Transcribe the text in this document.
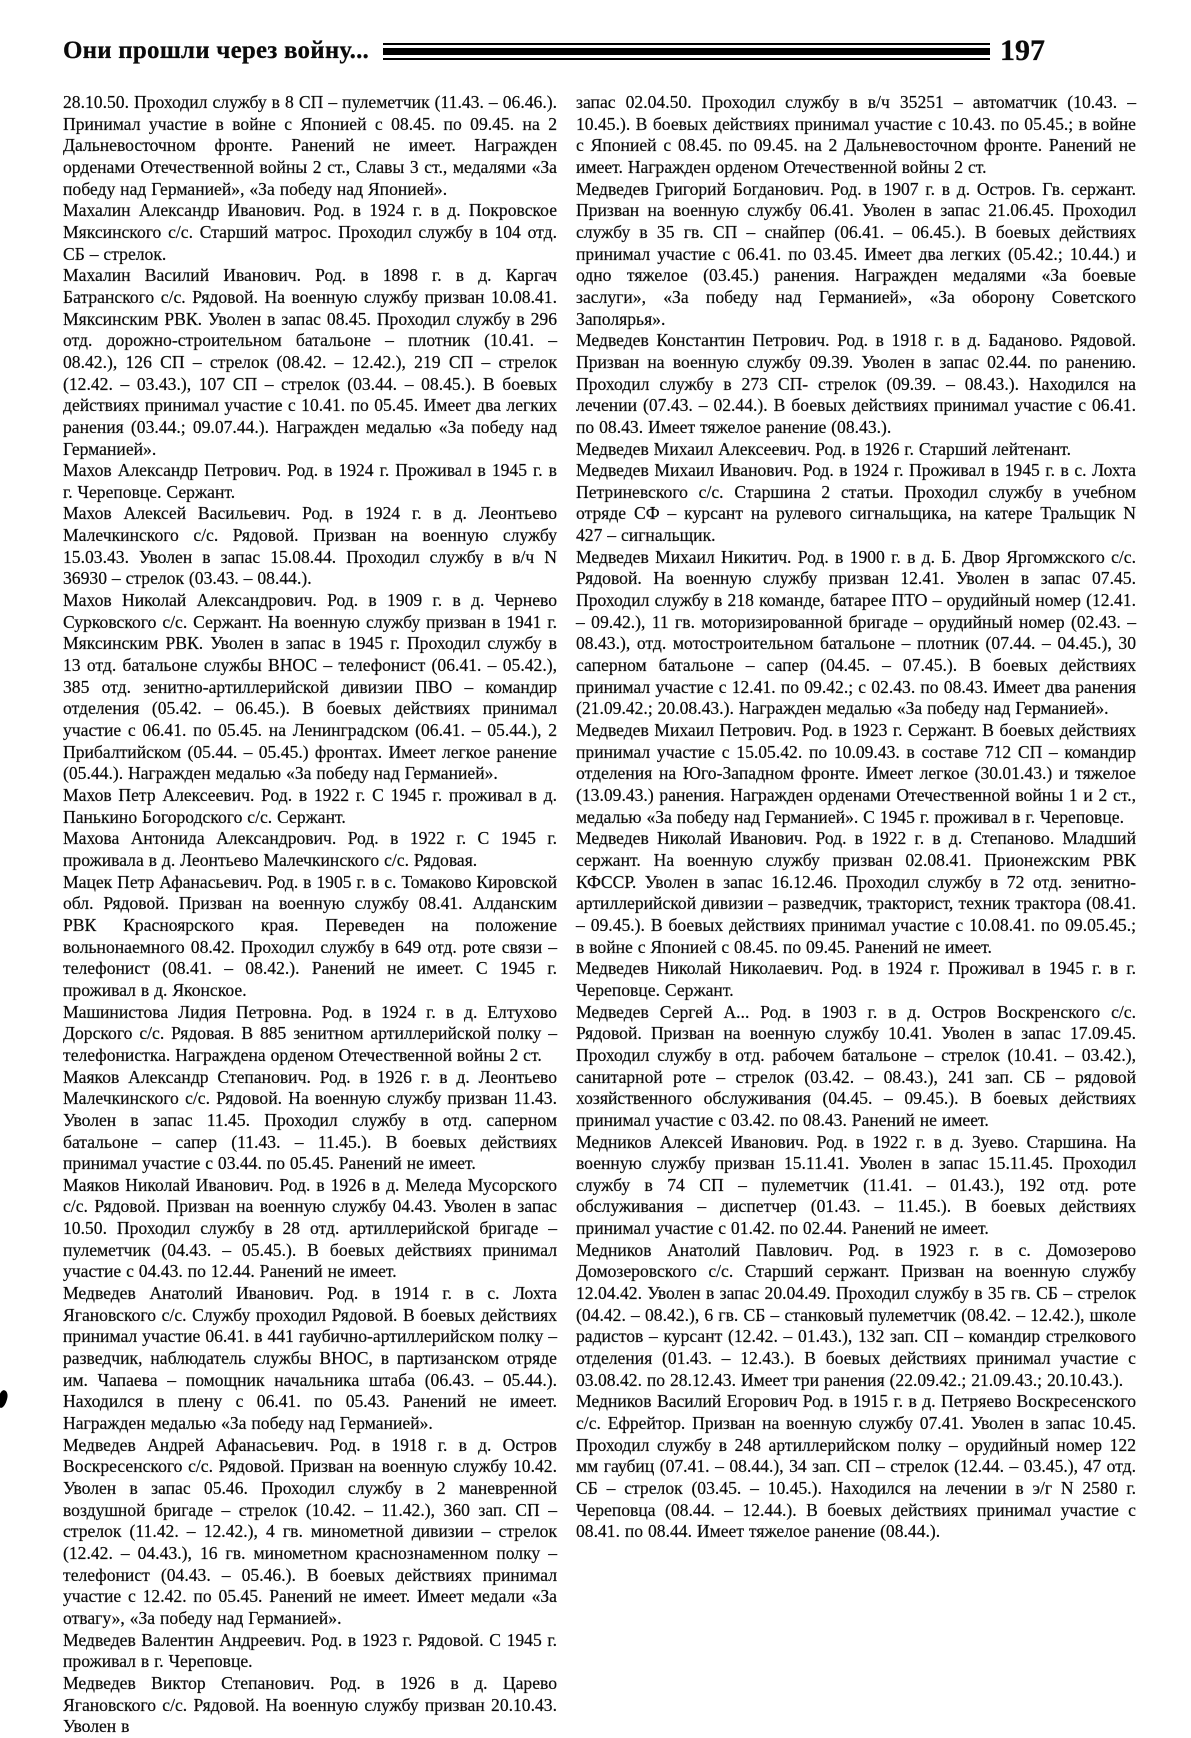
Они прошли через войну...	197

28.10.50. Проходил службу в 8 СП – пулеметчик (11.43. – 06.46.). Принимал участие в войне с Японией с 08.45. по 09.45. на 2 Дальневосточном фронте. Ранений не имеет. Награжден орденами Отечественной войны 2 ст., Славы 3 ст., медалями «За победу над Германией», «За победу над Японией».

Махалин Александр Иванович. Род. в 1924 г. в д. Покровское Мяксинского с/с. Старший матрос. Проходил службу в 104 отд. СБ – стрелок.

Махалин Василий Иванович. Род. в 1898 г. в д. Каргач Батранского с/с. Рядовой. На военную службу призван 10.08.41. Мяксинским РВК. Уволен в запас 08.45. Проходил службу в 296 отд. дорожно-строительном батальоне – плотник (10.41. – 08.42.), 126 СП – стрелок (08.42. – 12.42.), 219 СП – стрелок (12.42. – 03.43.), 107 СП – стрелок (03.44. – 08.45.). В боевых действиях принимал участие с 10.41. по 05.45. Имеет два легких ранения (03.44.; 09.07.44.). Награжден медалью «За победу над Германией».

Махов Александр Петрович. Род. в 1924 г. Проживал в 1945 г. в г. Череповце. Сержант.

Махов Алексей Васильевич. Род. в 1924 г. в д. Леонтьево Малечкинского с/с. Рядовой. Призван на военную службу 15.03.43. Уволен в запас 15.08.44. Проходил службу в в/ч N 36930 – стрелок (03.43. – 08.44.).

Махов Николай Александрович. Род. в 1909 г. в д. Чернево Сурковского с/с. Сержант. На военную службу призван в 1941 г. Мяксинским РВК. Уволен в запас в 1945 г. Проходил службу в 13 отд. батальоне службы ВНОС – телефонист (06.41. – 05.42.), 385 отд. зенитно-артиллерийской дивизии ПВО – командир отделения (05.42. – 06.45.). В боевых действиях принимал участие с 06.41. по 05.45. на Ленинградском (06.41. – 05.44.), 2 Прибалтийском (05.44. – 05.45.) фронтах. Имеет легкое ранение (05.44.). Награжден медалью «За победу над Германией».

Махов Петр Алексеевич. Род. в 1922 г. С 1945 г. проживал в д. Панькино Богородского с/с. Сержант.

Махова Антонида Александрович. Род. в 1922 г. С 1945 г. проживала в д. Леонтьево Малечкинского с/с. Рядовая.

Мацек Петр Афанасьевич. Род. в 1905 г. в с. Томаково Кировской обл. Рядовой. Призван на военную службу 08.41. Алданским РВК Красноярского края. Переведен на положение вольнонаемного 08.42. Проходил службу в 649 отд. роте связи – телефонист (08.41. – 08.42.). Ранений не имеет. С 1945 г. проживал в д. Яконское.

Машинистова Лидия Петровна. Род. в 1924 г. в д. Елтухово Дорского с/с. Рядовая. В 885 зенитном артиллерийской полку – телефонистка. Награждена орденом Отечественной войны 2 ст.

Маяков Александр Степанович. Род. в 1926 г. в д. Леонтьево Малечкинского с/с. Рядовой. На военную службу призван 11.43. Уволен в запас 11.45. Проходил службу в отд. саперном батальоне – сапер (11.43. – 11.45.). В боевых действиях принимал участие с 03.44. по 05.45. Ранений не имеет.

Маяков Николай Иванович. Род. в 1926 в д. Меледа Мусорского с/с. Рядовой. Призван на военную службу 04.43. Уволен в запас 10.50. Проходил службу в 28 отд. артиллерийской бригаде – пулеметчик (04.43. – 05.45.). В боевых действиях принимал участие с 04.43. по 12.44. Ранений не имеет.

Медведев Анатолий Иванович. Род. в 1914 г. в с. Лохта Ягановского с/с. Службу проходил Рядовой. В боевых действиях принимал участие 06.41. в 441 гаубично-артиллерийском полку – разведчик, наблюдатель службы ВНОС, в партизанском отряде им. Чапаева – помощник начальника штаба (06.43. – 05.44.). Находился в плену с 06.41. по 05.43. Ранений не имеет. Награжден медалью «За победу над Германией».

Медведев Андрей Афанасьевич. Род. в 1918 г. в д. Остров Воскресенского с/с. Рядовой. Призван на военную службу 10.42. Уволен в запас 05.46. Проходил службу в 2 маневренной воздушной бригаде – стрелок (10.42. – 11.42.), 360 зап. СП – стрелок (11.42. – 12.42.), 4 гв. минометной дивизии – стрелок (12.42. – 04.43.), 16 гв. минометном краснознаменном полку – телефонист (04.43. – 05.46.). В боевых действиях принимал участие с 12.42. по 05.45. Ранений не имеет. Имеет медали «За отвагу», «За победу над Германией».

Медведев Валентин Андреевич. Род. в 1923 г. Рядовой. С 1945 г. проживал в г. Череповце.

Медведев Виктор Степанович. Род. в 1926 в д. Царево Ягановского с/с. Рядовой. На военную службу призван 20.10.43. Уволен в

запас 02.04.50. Проходил службу в в/ч 35251 – автоматчик (10.43. – 10.45.). В боевых действиях принимал участие с 10.43. по 05.45.; в войне с Японией с 08.45. по 09.45. на 2 Дальневосточном фронте. Ранений не имеет. Награжден орденом Отечественной войны 2 ст.

Медведев Григорий Богданович. Род. в 1907 г. в д. Остров. Гв. сержант. Призван на военную службу 06.41. Уволен в запас 21.06.45. Проходил службу в 35 гв. СП – снайпер (06.41. – 06.45.). В боевых действиях принимал участие с 06.41. по 03.45. Имеет два легких (05.42.; 10.44.) и одно тяжелое (03.45.) ранения. Награжден медалями «За боевые заслуги», «За победу над Германией», «За оборону Советского Заполярья».

Медведев Константин Петрович. Род. в 1918 г. в д. Баданово. Рядовой. Призван на военную службу 09.39. Уволен в запас 02.44. по ранению. Проходил службу в 273 СП- стрелок (09.39. – 08.43.). Находился на лечении (07.43. – 02.44.). В боевых действиях принимал участие с 06.41. по 08.43. Имеет тяжелое ранение (08.43.).

Медведев Михаил Алексеевич. Род. в 1926 г. Старший лейтенант.

Медведев Михаил Иванович. Род. в 1924 г. Проживал в 1945 г. в с. Лохта Петриневского с/с. Старшина 2 статьи. Проходил службу в учебном отряде СФ – курсант на рулевого сигнальщика, на катере Тральщик N 427 – сигнальщик.

Медведев Михаил Никитич. Род. в 1900 г. в д. Б. Двор Яргомжского с/с. Рядовой. На военную службу призван 12.41. Уволен в запас 07.45. Проходил службу в 218 команде, батарее ПТО – орудийный номер (12.41. – 09.42.), 11 гв. моторизированной бригаде – орудийный номер (02.43. – 08.43.), отд. мотостроительном батальоне – плотник (07.44. – 04.45.), 30 саперном батальоне – сапер (04.45. – 07.45.). В боевых действиях принимал участие с 12.41. по 09.42.; с 02.43. по 08.43. Имеет два ранения (21.09.42.; 20.08.43.). Награжден медалью «За победу над Германией».

Медведев Михаил Петрович. Род. в 1923 г. Сержант. В боевых действиях принимал участие с 15.05.42. по 10.09.43. в составе 712 СП – командир отделения на Юго-Западном фронте. Имеет легкое (30.01.43.) и тяжелое (13.09.43.) ранения. Награжден орденами Отечественной войны 1 и 2 ст., медалью «За победу над Германией». С 1945 г. проживал в г. Череповце.

Медведев Николай Иванович. Род. в 1922 г. в д. Степаново. Младший сержант. На военную службу призван 02.08.41. Прионежским РВК КФССР. Уволен в запас 16.12.46. Проходил службу в 72 отд. зенитно-артиллерийской дивизии – разведчик, тракторист, техник трактора (08.41. – 09.45.). В боевых действиях принимал участие с 10.08.41. по 09.05.45.; в войне с Японией с 08.45. по 09.45. Ранений не имеет.

Медведев Николай Николаевич. Род. в 1924 г. Проживал в 1945 г. в г. Череповце. Сержант.

Медведев Сергей А... Род. в 1903 г. в д. Остров Воскренского с/с. Рядовой. Призван на военную службу 10.41. Уволен в запас 17.09.45. Проходил службу в отд. рабочем батальоне – стрелок (10.41. – 03.42.), санитарной роте – стрелок (03.42. – 08.43.), 241 зап. СБ – рядовой хозяйственного обслуживания (04.45. – 09.45.). В боевых действиях принимал участие с 03.42. по 08.43. Ранений не имеет.

Медников Алексей Иванович. Род. в 1922 г. в д. Зуево. Старшина. На военную службу призван 15.11.41. Уволен в запас 15.11.45. Проходил службу в 74 СП – пулеметчик (11.41. – 01.43.), 192 отд. роте обслуживания – диспетчер (01.43. – 11.45.). В боевых действиях принимал участие с 01.42. по 02.44. Ранений не имеет.

Медников Анатолий Павлович. Род. в 1923 г. в с. Домозерово Домозеровского с/с. Старший сержант. Призван на военную службу 12.04.42. Уволен в запас 20.04.49. Проходил службу в 35 гв. СБ – стрелок (04.42. – 08.42.), 6 гв. СБ – станковый пулеметчик (08.42. – 12.42.), школе радистов – курсант (12.42. – 01.43.), 132 зап. СП – командир стрелкового отделения (01.43. – 12.43.). В боевых действиях принимал участие с 03.08.42. по 28.12.43. Имеет три ранения (22.09.42.; 21.09.43.; 20.10.43.).

Медников Василий Егорович Род. в 1915 г. в д. Петряево Воскресенского с/с. Ефрейтор. Призван на военную службу 07.41. Уволен в запас 10.45. Проходил службу в 248 артиллерийском полку – орудийный номер 122 мм гаубиц (07.41. – 08.44.), 34 зап. СП – стрелок (12.44. – 03.45.), 47 отд. СБ – стрелок (03.45. – 10.45.). Находился на лечении в э/г N 2580 г. Череповца (08.44. – 12.44.). В боевых действиях принимал участие с 08.41. по 08.44. Имеет тяжелое ранение (08.44.).
